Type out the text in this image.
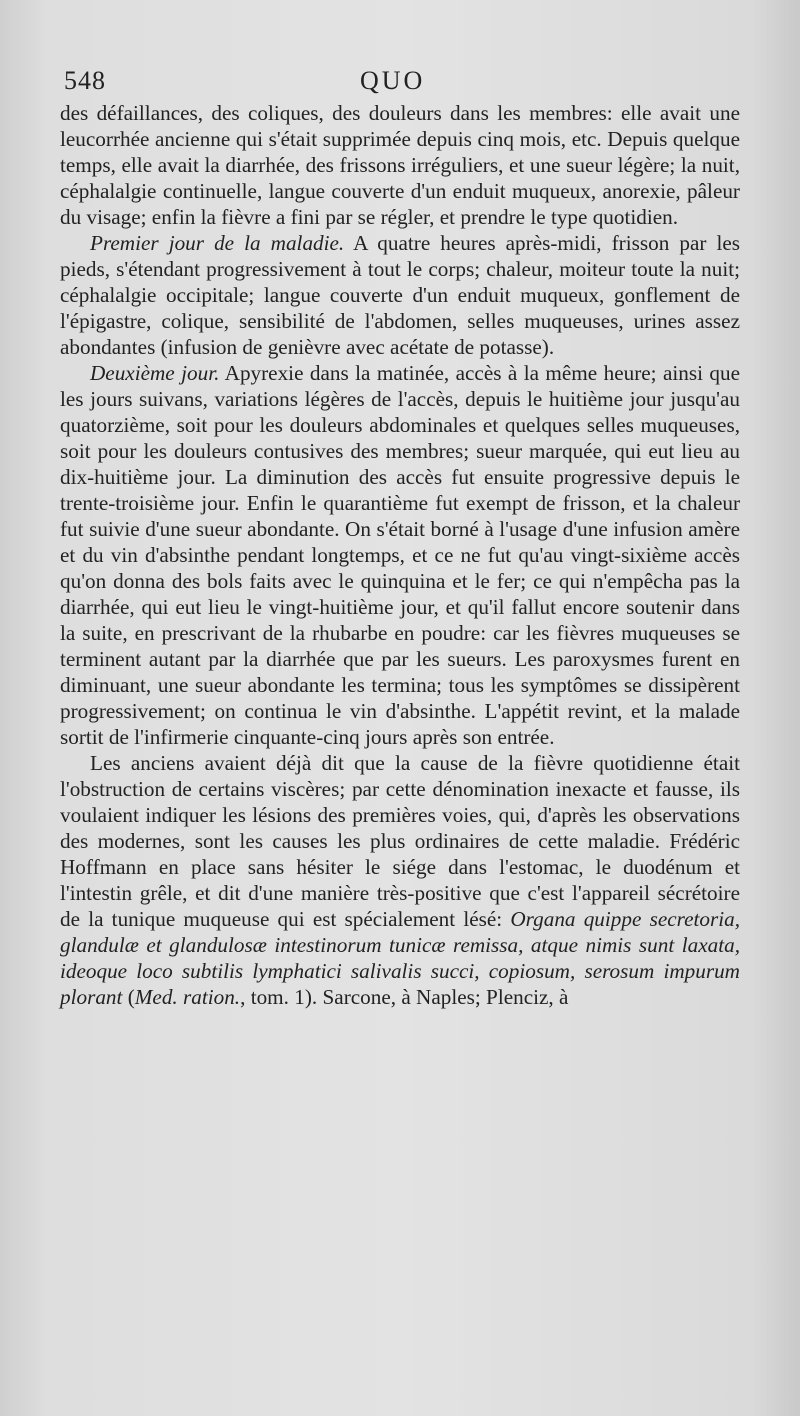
548	QUO

des défaillances, des coliques, des douleurs dans les membres: elle avait une leucorrhée ancienne qui s'était supprimée depuis cinq mois, etc. Depuis quelque temps, elle avait la diarrhée, des frissons irréguliers, et une sueur légère; la nuit, céphalalgie continuelle, langue couverte d'un enduit muqueux, anorexie, pâleur du visage; enfin la fièvre a fini par se régler, et prendre le type quotidien.

Premier jour de la maladie. A quatre heures après-midi, frisson par les pieds, s'étendant progressivement à tout le corps; chaleur, moiteur toute la nuit; céphalalgie occipitale; langue couverte d'un enduit muqueux, gonflement de l'épigastre, colique, sensibilité de l'abdomen, selles muqueuses, urines assez abondantes (infusion de genièvre avec acétate de potasse).

Deuxième jour. Apyrexie dans la matinée, accès à la même heure; ainsi que les jours suivans, variations légères de l'accès, depuis le huitième jour jusqu'au quatorzième, soit pour les douleurs abdominales et quelques selles muqueuses, soit pour les douleurs contusives des membres; sueur marquée, qui eut lieu au dix-huitième jour. La diminution des accès fut ensuite progressive depuis le trente-troisième jour. Enfin le quarantième fut exempt de frisson, et la chaleur fut suivie d'une sueur abondante. On s'était borné à l'usage d'une infusion amère et du vin d'absinthe pendant longtemps, et ce ne fut qu'au vingt-sixième accès qu'on donna des bols faits avec le quinquina et le fer; ce qui n'empêcha pas la diarrhée, qui eut lieu le vingt-huitième jour, et qu'il fallut encore soutenir dans la suite, en prescrivant de la rhubarbe en poudre: car les fièvres muqueuses se terminent autant par la diarrhée que par les sueurs. Les paroxysmes furent en diminuant, une sueur abondante les termina; tous les symptômes se dissipèrent progressivement; on continua le vin d'absinthe. L'appétit revint, et la malade sortit de l'infirmerie cinquante-cinq jours après son entrée.

Les anciens avaient déjà dit que la cause de la fièvre quotidienne était l'obstruction de certains viscères; par cette dénomination inexacte et fausse, ils voulaient indiquer les lésions des premières voies, qui, d'après les observations des modernes, sont les causes les plus ordinaires de cette maladie. Frédéric Hoffmann en place sans hésiter le siége dans l'estomac, le duodénum et l'intestin grêle, et dit d'une manière très-positive que c'est l'appareil sécrétoire de la tunique muqueuse qui est spécialement lésé: Organa quippe secretoria, glandulæ et glandulosæ intestinorum tunicæ remissa, atque nimis sunt laxata, ideoque loco subtilis lymphatici salivalis succi, copiosum, serosum impurum plorant (Med. ration., tom. 1). Sarcone, à Naples; Plenciz, à
